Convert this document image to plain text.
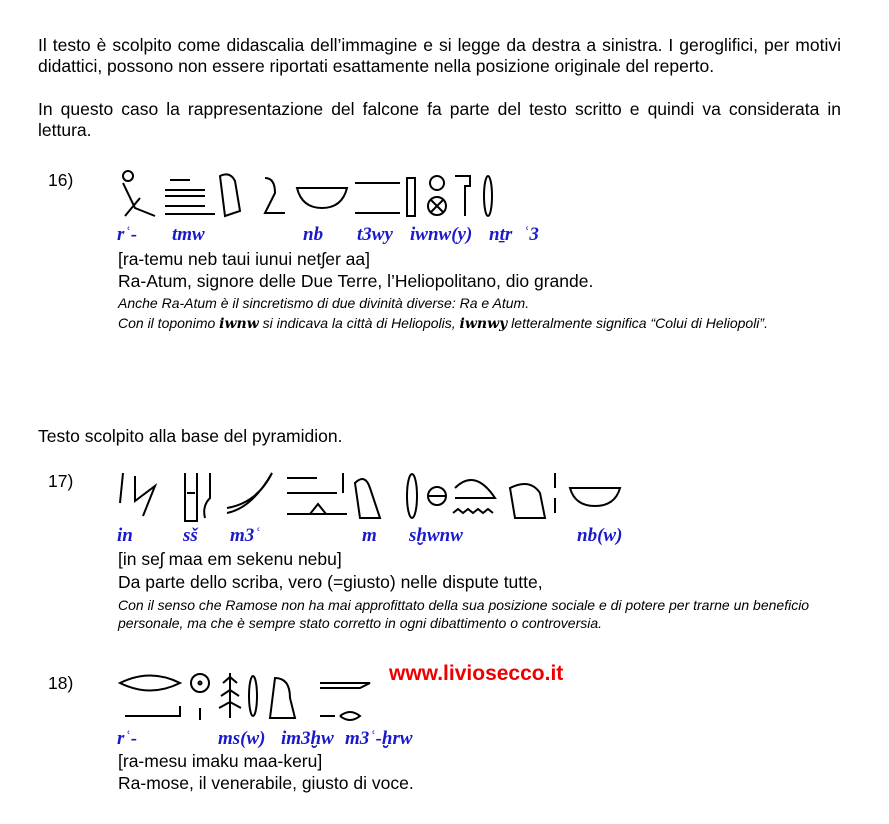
Il testo è scolpito come didascalia dell’immagine e si legge da destra a sinistra. I geroglifici, per motivi didattici, possono non essere riportati esattamente nella posizione originale del reperto.
In questo caso la rappresentazione del falcone fa parte del testo scritto e quindi va considerata in lettura.
16)
rʿ- tmw	nb t3wy iwnw(y) nṯr ʿ3
[ra-temu neb taui iunui netʃer aa]
Ra-Atum, signore delle Due Terre, l’Heliopolitano, dio grande.
Anche Ra-Atum è il sincretismo di due divinità diverse: Ra e Atum.
Con il toponimo iwnw si indicava la città di Heliopolis, iwnwy letteralmente significa “Colui di Heliopoli”.
Testo scolpito alla base del pyramidion.
17)
in	sš m3ʿ	m sḫwnw	nb(w)
[in seʃ maa em sekenu nebu]
Da parte dello scriba, vero (=giusto) nelle dispute tutte,
Con il senso che Ramose non ha mai approfittato della sua posizione sociale e di potere per trarne un beneficio personale, ma che è sempre stato corretto in ogni dibattimento o controversia.
18)	www.liviosecco.it
rʿ-	ms(w) im3ḫw m3ʿ-ḫrw
[ra-mesu imaku maa-keru]
Ra-mose, il venerabile, giusto di voce.
